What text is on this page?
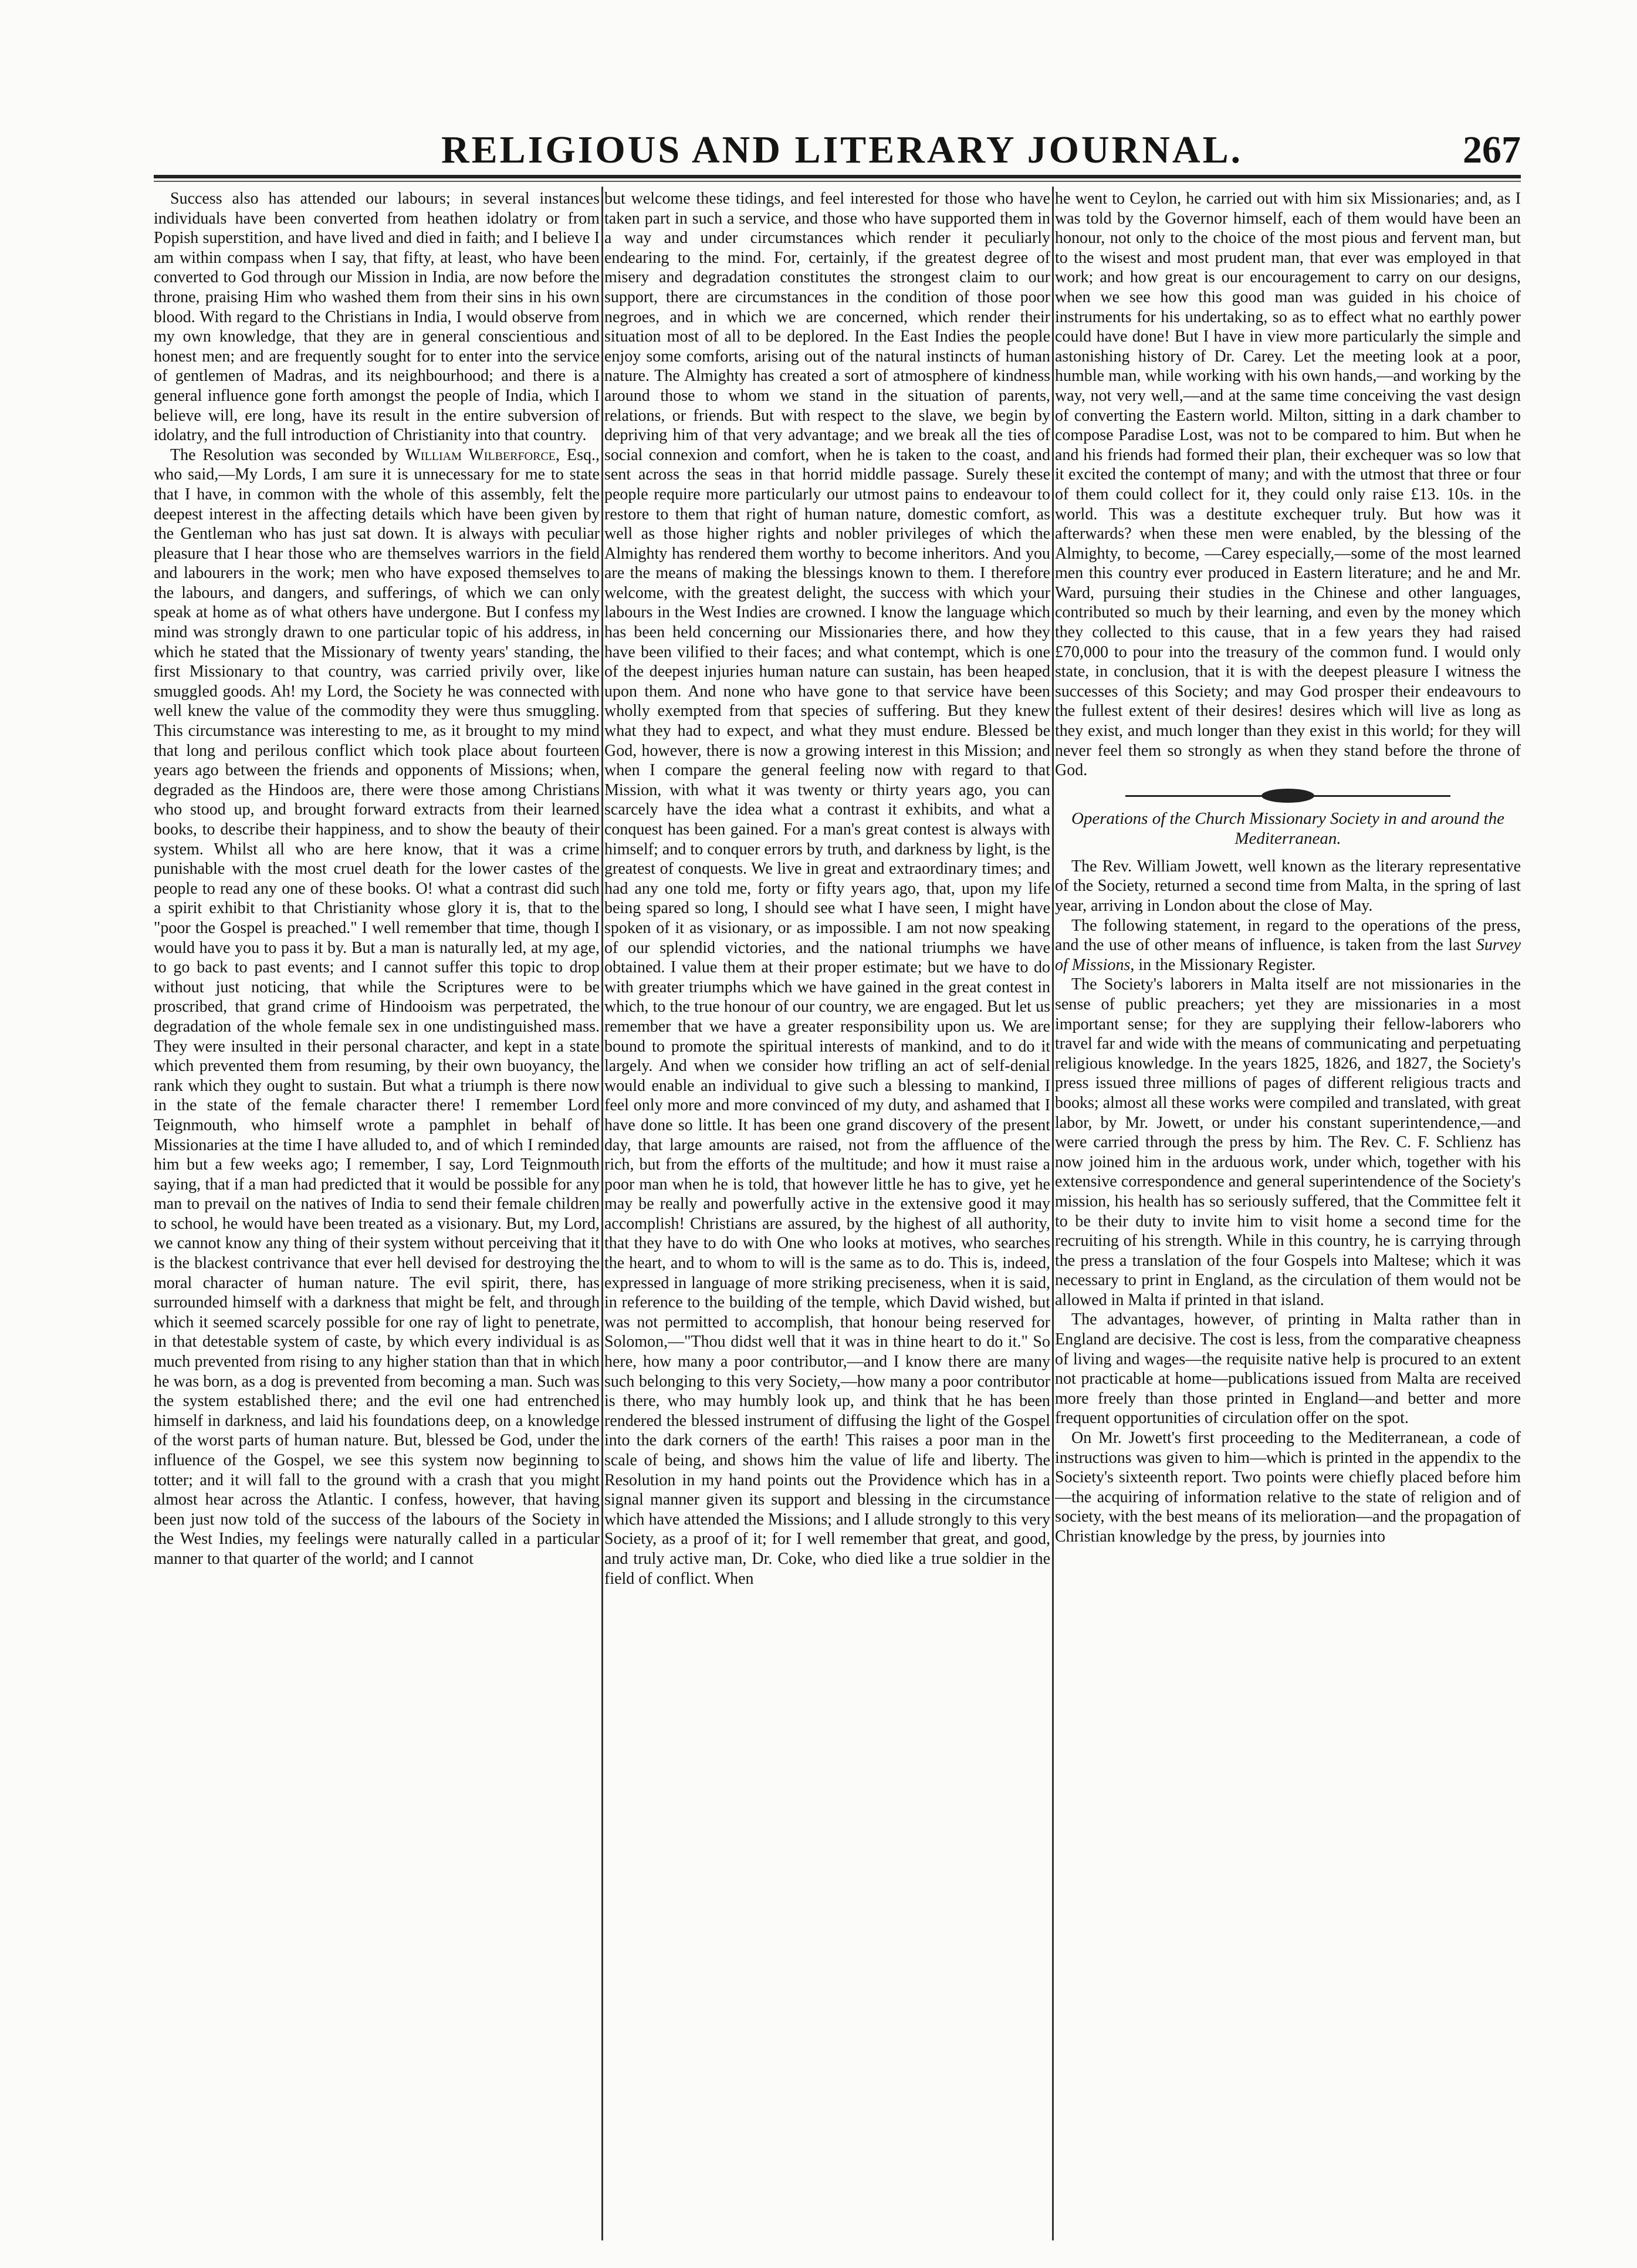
RELIGIOUS AND LITERARY JOURNAL.	267

Success also has attended our labours; in several instances individuals have been converted from heathen idolatry or from Popish superstition, and have lived and died in faith; and I believe I am within compass when I say, that fifty, at least, who have been converted to God through our Mission in India, are now before the throne, praising Him who washed them from their sins in his own blood. With regard to the Christians in India, I would observe from my own knowledge, that they are in general conscientious and honest men; and are frequently sought for to enter into the service of gentlemen of Madras, and its neighbourhood; and there is a general influence gone forth amongst the people of India, which I believe will, ere long, have its result in the entire subversion of idolatry, and the full introduction of Christianity into that country.

The Resolution was seconded by William Wilberforce, Esq., who said,—My Lords, I am sure it is unnecessary for me to state that I have, in common with the whole of this assembly, felt the deepest interest in the affecting details which have been given by the Gentleman who has just sat down. It is always with peculiar pleasure that I hear those who are themselves warriors in the field and labourers in the work; men who have exposed themselves to the labours, and dangers, and sufferings, of which we can only speak at home as of what others have undergone. But I confess my mind was strongly drawn to one particular topic of his address, in which he stated that the Missionary of twenty years' standing, the first Missionary to that country, was carried privily over, like smuggled goods. Ah! my Lord, the Society he was connected with well knew the value of the commodity they were thus smuggling. This circumstance was interesting to me, as it brought to my mind that long and perilous conflict which took place about fourteen years ago between the friends and opponents of Missions; when, degraded as the Hindoos are, there were those among Christians who stood up, and brought forward extracts from their learned books, to describe their happiness, and to show the beauty of their system. Whilst all who are here know, that it was a crime punishable with the most cruel death for the lower castes of the people to read any one of these books. O! what a contrast did such a spirit exhibit to that Christianity whose glory it is, that to the "poor the Gospel is preached." I well remember that time, though I would have you to pass it by. But a man is naturally led, at my age, to go back to past events; and I cannot suffer this topic to drop without just noticing, that while the Scriptures were to be proscribed, that grand crime of Hindooism was perpetrated, the degradation of the whole female sex in one undistinguished mass. They were insulted in their personal character, and kept in a state which prevented them from resuming, by their own buoyancy, the rank which they ought to sustain. But what a triumph is there now in the state of the female character there! I remember Lord Teignmouth, who himself wrote a pamphlet in behalf of Missionaries at the time I have alluded to, and of which I reminded him but a few weeks ago; I remember, I say, Lord Teignmouth saying, that if a man had predicted that it would be possible for any man to prevail on the natives of India to send their female children to school, he would have been treated as a visionary. But, my Lord, we cannot know any thing of their system without perceiving that it is the blackest contrivance that ever hell devised for destroying the moral character of human nature. The evil spirit, there, has surrounded himself with a darkness that might be felt, and through which it seemed scarcely possible for one ray of light to penetrate, in that detestable system of caste, by which every individual is as much prevented from rising to any higher station than that in which he was born, as a dog is prevented from becoming a man. Such was the system established there; and the evil one had entrenched himself in darkness, and laid his foundations deep, on a knowledge of the worst parts of human nature. But, blessed be God, under the influence of the Gospel, we see this system now beginning to totter; and it will fall to the ground with a crash that you might almost hear across the Atlantic. I confess, however, that having been just now told of the success of the labours of the Society in the West Indies, my feelings were naturally called in a particular manner to that quarter of the world; and I cannot

but welcome these tidings, and feel interested for those who have taken part in such a service, and those who have supported them in a way and under circumstances which render it peculiarly endearing to the mind. For, certainly, if the greatest degree of misery and degradation constitutes the strongest claim to our support, there are circumstances in the condition of those poor negroes, and in which we are concerned, which render their situation most of all to be deplored. In the East Indies the people enjoy some comforts, arising out of the natural instincts of human nature. The Almighty has created a sort of atmosphere of kindness around those to whom we stand in the situation of parents, relations, or friends. But with respect to the slave, we begin by depriving him of that very advantage; and we break all the ties of social connexion and comfort, when he is taken to the coast, and sent across the seas in that horrid middle passage. Surely these people require more particularly our utmost pains to endeavour to restore to them that right of human nature, domestic comfort, as well as those higher rights and nobler privileges of which the Almighty has rendered them worthy to become inheritors. And you are the means of making the blessings known to them. I therefore welcome, with the greatest delight, the success with which your labours in the West Indies are crowned. I know the language which has been held concerning our Missionaries there, and how they have been vilified to their faces; and what contempt, which is one of the deepest injuries human nature can sustain, has been heaped upon them. And none who have gone to that service have been wholly exempted from that species of suffering. But they knew what they had to expect, and what they must endure. Blessed be God, however, there is now a growing interest in this Mission; and when I compare the general feeling now with regard to that Mission, with what it was twenty or thirty years ago, you can scarcely have the idea what a contrast it exhibits, and what a conquest has been gained. For a man's great contest is always with himself; and to conquer errors by truth, and darkness by light, is the greatest of conquests. We live in great and extraordinary times; and had any one told me, forty or fifty years ago, that, upon my life being spared so long, I should see what I have seen, I might have spoken of it as visionary, or as impossible. I am not now speaking of our splendid victories, and the national triumphs we have obtained. I value them at their proper estimate; but we have to do with greater triumphs which we have gained in the great contest in which, to the true honour of our country, we are engaged. But let us remember that we have a greater responsibility upon us. We are bound to promote the spiritual interests of mankind, and to do it largely. And when we consider how trifling an act of self-denial would enable an individual to give such a blessing to mankind, I feel only more and more convinced of my duty, and ashamed that I have done so little. It has been one grand discovery of the present day, that large amounts are raised, not from the affluence of the rich, but from the efforts of the multitude; and how it must raise a poor man when he is told, that however little he has to give, yet he may be really and powerfully active in the extensive good it may accomplish! Christians are assured, by the highest of all authority, that they have to do with One who looks at motives, who searches the heart, and to whom to will is the same as to do. This is, indeed, expressed in language of more striking preciseness, when it is said, in reference to the building of the temple, which David wished, but was not permitted to accomplish, that honour being reserved for Solomon,—"Thou didst well that it was in thine heart to do it." So here, how many a poor contributor,—and I know there are many such belonging to this very Society,—how many a poor contributor is there, who may humbly look up, and think that he has been rendered the blessed instrument of diffusing the light of the Gospel into the dark corners of the earth! This raises a poor man in the scale of being, and shows him the value of life and liberty. The Resolution in my hand points out the Providence which has in a signal manner given its support and blessing in the circumstance which have attended the Missions; and I allude strongly to this very Society, as a proof of it; for I well remember that great, and good, and truly active man, Dr. Coke, who died like a true soldier in the field of conflict. When

he went to Ceylon, he carried out with him six Missionaries; and, as I was told by the Governor himself, each of them would have been an honour, not only to the choice of the most pious and fervent man, but to the wisest and most prudent man, that ever was employed in that work; and how great is our encouragement to carry on our designs, when we see how this good man was guided in his choice of instruments for his undertaking, so as to effect what no earthly power could have done! But I have in view more particularly the simple and astonishing history of Dr. Carey. Let the meeting look at a poor, humble man, while working with his own hands,—and working by the way, not very well,—and at the same time conceiving the vast design of converting the Eastern world. Milton, sitting in a dark chamber to compose Paradise Lost, was not to be compared to him. But when he and his friends had formed their plan, their exchequer was so low that it excited the contempt of many; and with the utmost that three or four of them could collect for it, they could only raise £13. 10s. in the world. This was a destitute exchequer truly. But how was it afterwards? when these men were enabled, by the blessing of the Almighty, to become, —Carey especially,—some of the most learned men this country ever produced in Eastern literature; and he and Mr. Ward, pursuing their studies in the Chinese and other languages, contributed so much by their learning, and even by the money which they collected to this cause, that in a few years they had raised £70,000 to pour into the treasury of the common fund. I would only state, in conclusion, that it is with the deepest pleasure I witness the successes of this Society; and may God prosper their endeavours to the fullest extent of their desires! desires which will live as long as they exist, and much longer than they exist in this world; for they will never feel them so strongly as when they stand before the throne of God.

Operations of the Church Missionary Society in and around the Mediterranean.

The Rev. William Jowett, well known as the literary representative of the Society, returned a second time from Malta, in the spring of last year, arriving in London about the close of May.

The following statement, in regard to the operations of the press, and the use of other means of influence, is taken from the last Survey of Missions, in the Missionary Register.

The Society's laborers in Malta itself are not missionaries in the sense of public preachers; yet they are missionaries in a most important sense; for they are supplying their fellow-laborers who travel far and wide with the means of communicating and perpetuating religious knowledge. In the years 1825, 1826, and 1827, the Society's press issued three millions of pages of different religious tracts and books; almost all these works were compiled and translated, with great labor, by Mr. Jowett, or under his constant superintendence,—and were carried through the press by him. The Rev. C. F. Schlienz has now joined him in the arduous work, under which, together with his extensive correspondence and general superintendence of the Society's mission, his health has so seriously suffered, that the Committee felt it to be their duty to invite him to visit home a second time for the recruiting of his strength. While in this country, he is carrying through the press a translation of the four Gospels into Maltese; which it was necessary to print in England, as the circulation of them would not be allowed in Malta if printed in that island.

The advantages, however, of printing in Malta rather than in England are decisive. The cost is less, from the comparative cheapness of living and wages—the requisite native help is procured to an extent not practicable at home—publications issued from Malta are received more freely than those printed in England—and better and more frequent opportunities of circulation offer on the spot.

On Mr. Jowett's first proceeding to the Mediterranean, a code of instructions was given to him—which is printed in the appendix to the Society's sixteenth report. Two points were chiefly placed before him—the acquiring of information relative to the state of religion and of society, with the best means of its melioration—and the propagation of Christian knowledge by the press, by journies into
